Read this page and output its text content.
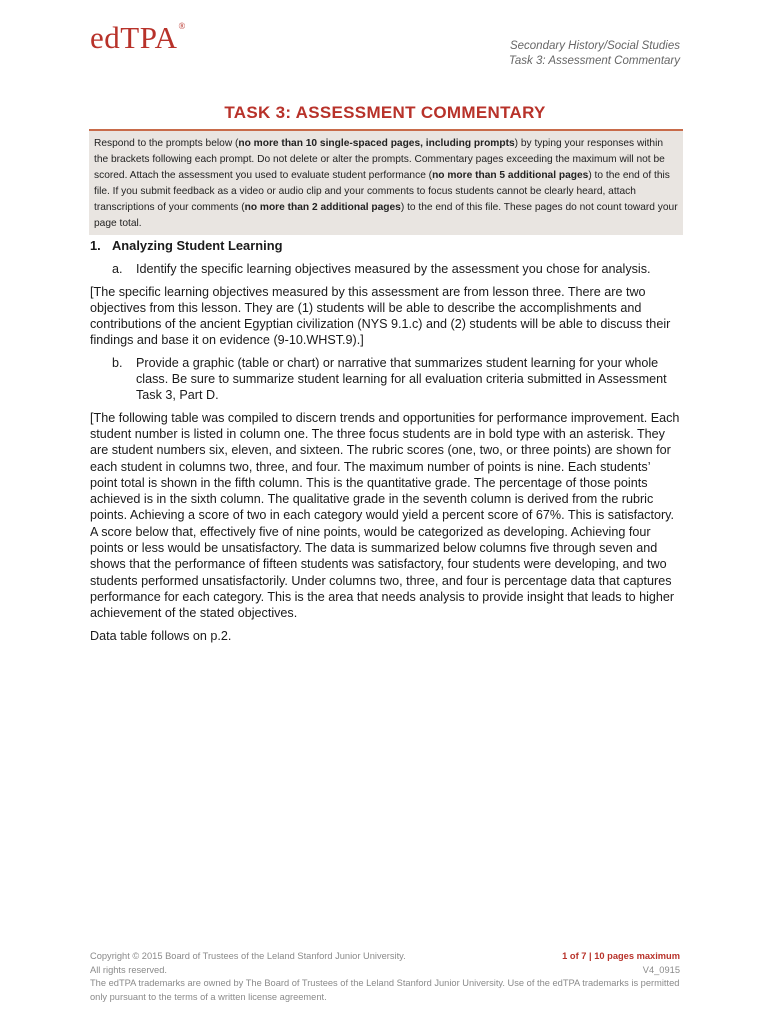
edTPA®
Secondary History/Social Studies
Task 3: Assessment Commentary
TASK 3: ASSESSMENT COMMENTARY
Respond to the prompts below (no more than 10 single-spaced pages, including prompts) by typing your responses within the brackets following each prompt. Do not delete or alter the prompts. Commentary pages exceeding the maximum will not be scored. Attach the assessment you used to evaluate student performance (no more than 5 additional pages) to the end of this file. If you submit feedback as a video or audio clip and your comments to focus students cannot be clearly heard, attach transcriptions of your comments (no more than 2 additional pages) to the end of this file. These pages do not count toward your page total.
1. Analyzing Student Learning
a.	Identify the specific learning objectives measured by the assessment you chose for analysis.
[The specific learning objectives measured by this assessment are from lesson three. There are two objectives from this lesson. They are (1) students will be able to describe the accomplishments and contributions of the ancient Egyptian civilization (NYS 9.1.c) and (2) students will be able to discuss their findings and base it on evidence (9-10.WHST.9).]
b.	Provide a graphic (table or chart) or narrative that summarizes student learning for your whole class. Be sure to summarize student learning for all evaluation criteria submitted in Assessment Task 3, Part D.
[The following table was compiled to discern trends and opportunities for performance improvement. Each student number is listed in column one. The three focus students are in bold type with an asterisk. They are student numbers six, eleven, and sixteen. The rubric scores (one, two, or three points) are shown for each student in columns two, three, and four. The maximum number of points is nine. Each students’ point total is shown in the fifth column. This is the quantitative grade. The percentage of those points achieved is in the sixth column. The qualitative grade in the seventh column is derived from the rubric points. Achieving a score of two in each category would yield a percent score of 67%. This is satisfactory. A score below that, effectively five of nine points, would be categorized as developing. Achieving four points or less would be unsatisfactory. The data is summarized below columns five through seven and shows that the performance of fifteen students was satisfactory, four students were developing, and two students performed unsatisfactorily. Under columns two, three, and four is percentage data that captures performance for each category. This is the area that needs analysis to provide insight that leads to higher achievement of the stated objectives.
Data table follows on p.2.
Copyright © 2015 Board of Trustees of the Leland Stanford Junior University.	1 of 7 | 10 pages maximum
All rights reserved.	V4_0915
The edTPA trademarks are owned by The Board of Trustees of the Leland Stanford Junior University. Use of the edTPA trademarks is permitted only pursuant to the terms of a written license agreement.
